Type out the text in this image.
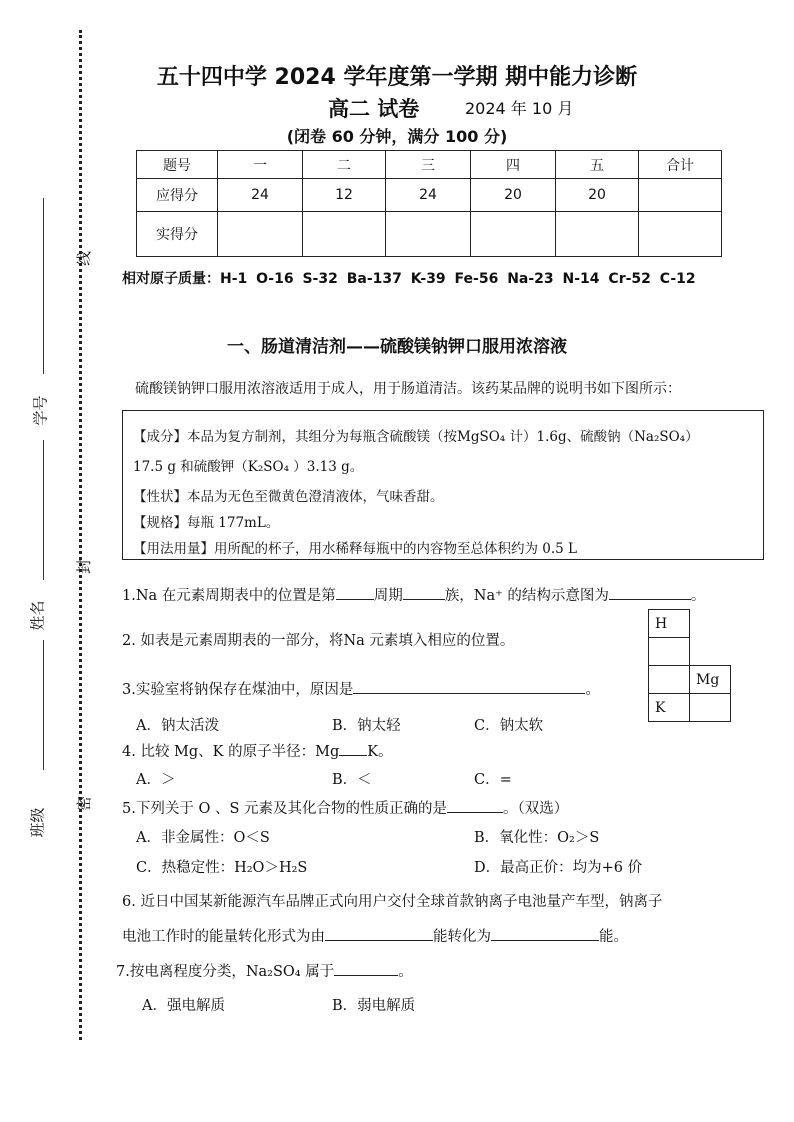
线
封
密
学号
姓名
班级
五十四中学 2024 学年度第一学期 期中能力诊断
高二 试卷	2024 年 10 月
(闭卷 60 分钟，满分 100 分)
题号	一	二	三	四	五	合计
应得分	24	12	24	20	20	
实得分						
相对原子质量：H-1 O-16 S-32 Ba-137 K-39 Fe-56 Na-23 N-14 Cr-52 C-12
一、肠道清洁剂——硫酸镁钠钾口服用浓溶液
硫酸镁钠钾口服用浓溶液适用于成人，用于肠道清洁。该药某品牌的说明书如下图所示：
【成分】本品为复方制剂，其组分为每瓶含硫酸镁（按MgSO₄ 计）1.6g、硫酸钠（Na₂SO₄）
17.5 g 和硫酸钾（K₂SO₄ ）3.13 g。
【性状】本品为无色至微黄色澄清液体，气味香甜。
【规格】每瓶 177mL。
【用法用量】用所配的杯子，用水稀释每瓶中的内容物至总体积约为 0.5 L
1.Na 在元素周期表中的位置是第	周期	族，Na⁺ 的结构示意图为	。
2. 如表是元素周期表的一部分，将Na 元素填入相应的位置。
H	

	Mg
K	
3.实验室将钠保存在煤油中，原因是	。
A．钠太活泼	B．钠太轻	C．钠太软
4. 比较 Mg、K 的原子半径：Mg K。
A．＞	B．＜	C．=
5.下列关于 O 、S 元素及其化合物的性质正确的是	。（双选）
A．非金属性：O＜S	B．氧化性：O₂＞S
C．热稳定性：H₂O＞H₂S	D．最高正价：均为+6 价
6. 近日中国某新能源汽车品牌正式向用户交付全球首款钠离子电池量产车型，钠离子
电池工作时的能量转化形式为由	能转化为	能。
7.按电离程度分类，Na₂SO₄ 属于	。
A．强电解质	B．弱电解质
